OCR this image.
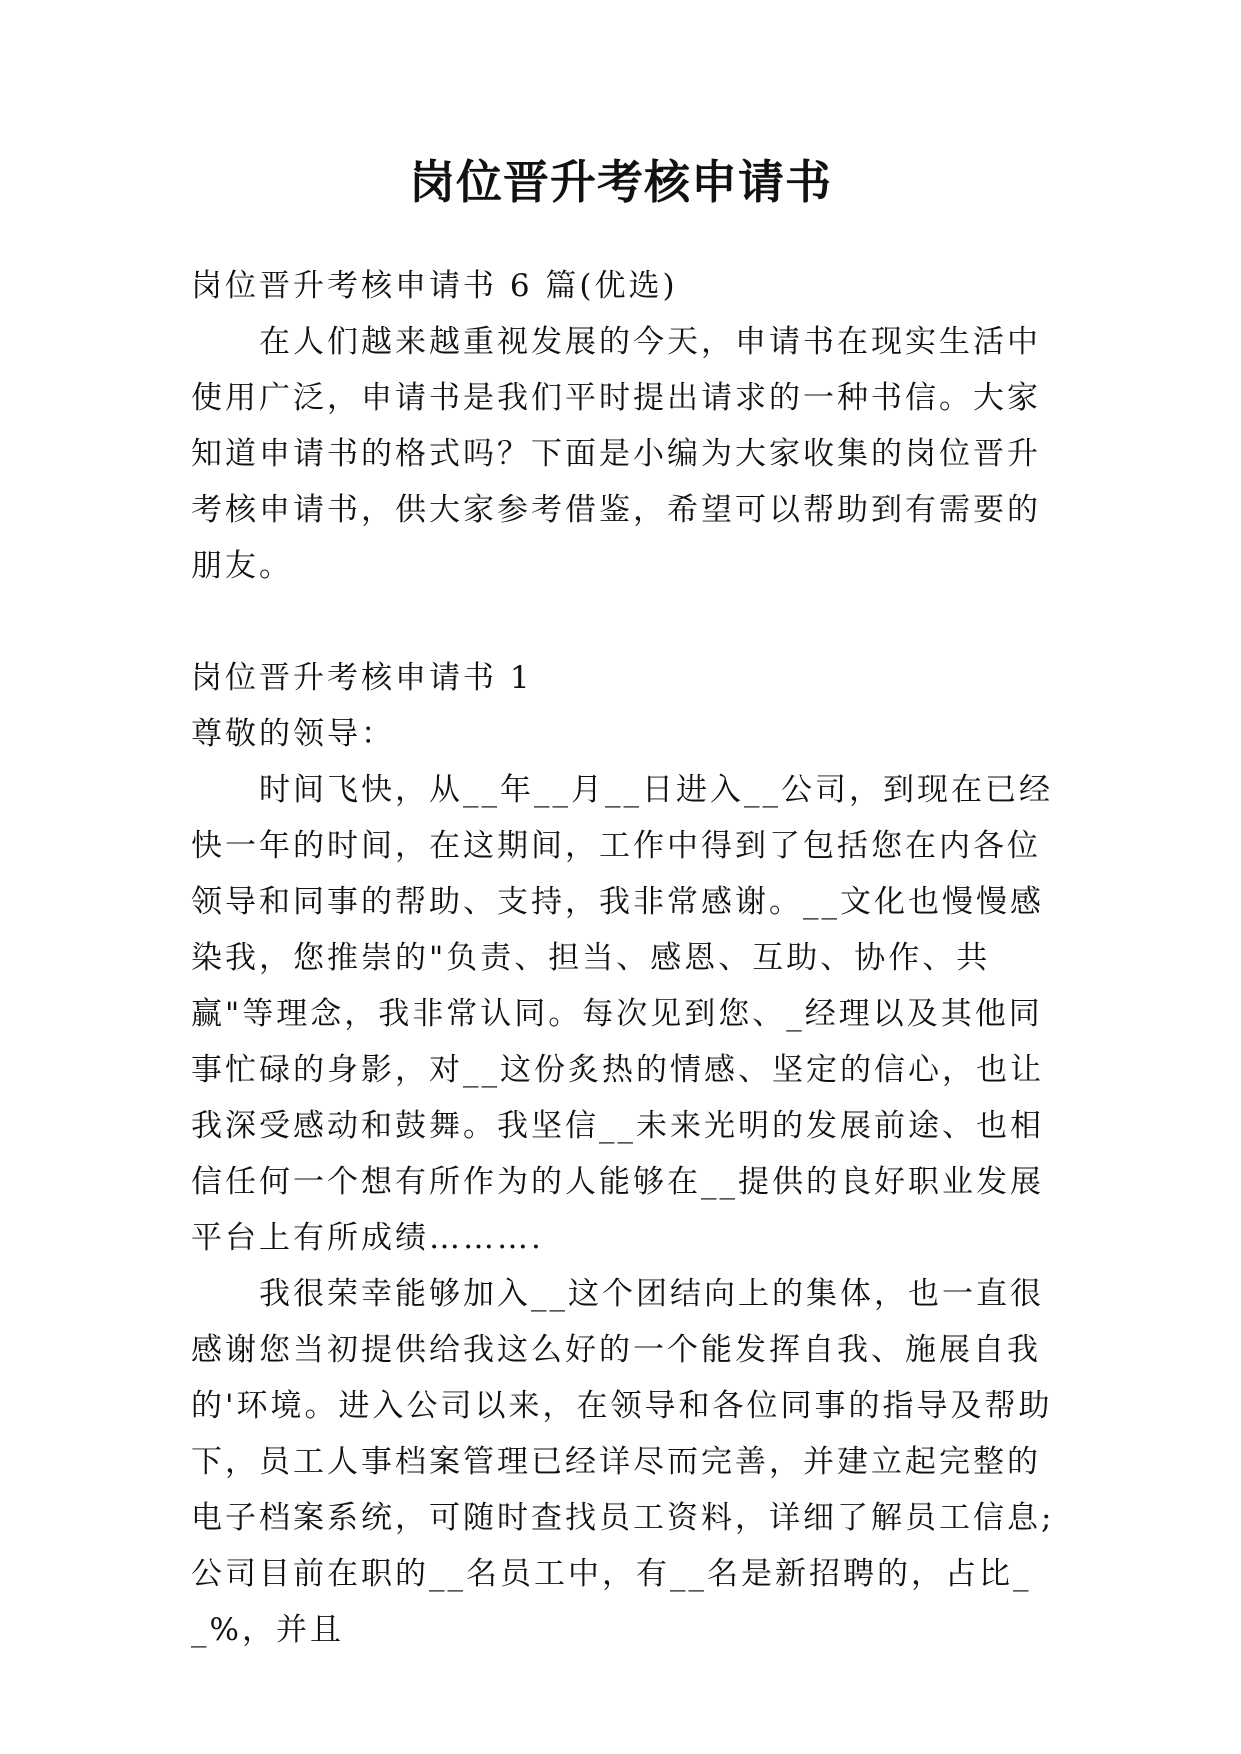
岗位晋升考核申请书

岗位晋升考核申请书 6 篇(优选)

在人们越来越重视发展的今天，申请书在现实生活中使用广泛，申请书是我们平时提出请求的一种书信。大家知道申请书的格式吗？下面是小编为大家收集的岗位晋升考核申请书，供大家参考借鉴，希望可以帮助到有需要的朋友。

岗位晋升考核申请书 1

尊敬的领导：

时间飞快，从__年__月__日进入__公司，到现在已经快一年的时间，在这期间，工作中得到了包括您在内各位领导和同事的帮助、支持，我非常感谢。__文化也慢慢感染我，您推崇的"负责、担当、感恩、互助、协作、共赢"等理念，我非常认同。每次见到您、_经理以及其他同事忙碌的身影，对__这份炙热的情感、坚定的信心，也让我深受感动和鼓舞。我坚信__未来光明的发展前途、也相信任何一个想有所作为的人能够在__提供的良好职业发展平台上有所成绩……….

我很荣幸能够加入__这个团结向上的集体，也一直很感谢您当初提供给我这么好的一个能发挥自我、施展自我的'环境。进入公司以来，在领导和各位同事的指导及帮助下，员工人事档案管理已经详尽而完善，并建立起完整的电子档案系统，可随时查找员工资料，详细了解员工信息;公司目前在职的__名员工中，有__名是新招聘的，占比__%，并且
